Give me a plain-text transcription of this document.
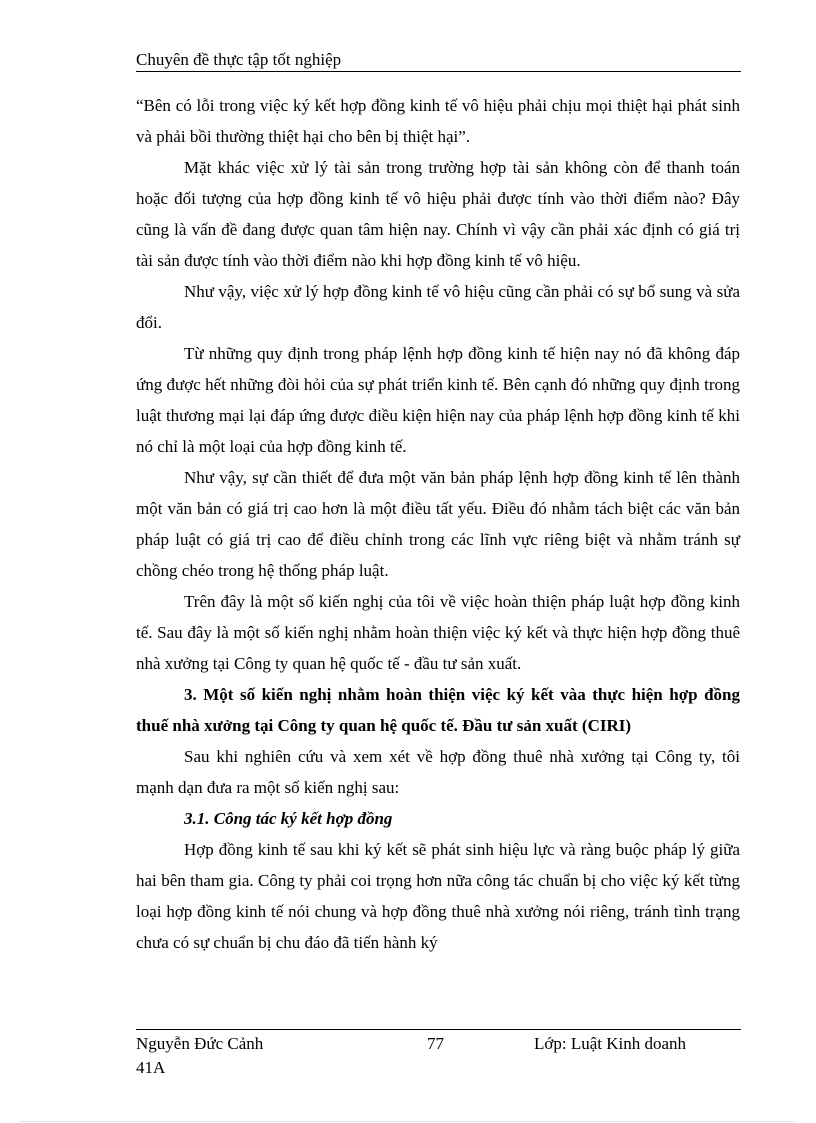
Chuyên đề thực tập tốt nghiệp

“Bên có lỗi trong việc ký kết hợp đồng kinh tế vô hiệu phải chịu mọi thiệt hại phát sinh và phải bồi thường thiệt hại cho bên bị thiệt hại”.

Mặt khác việc xử lý tài sản trong trường hợp tài sản không còn để thanh toán hoặc đối tượng của hợp đồng kinh tế vô hiệu phải được tính vào thời điểm nào? Đây cũng là vấn đề đang được quan tâm hiện nay. Chính vì vậy cần phải xác định có giá trị tài sản được tính vào thời điểm nào khi hợp đồng kinh tế vô hiệu.

Như vậy, việc xử lý hợp đồng kinh tế vô hiệu cũng cần phải có sự bổ sung và sửa đổi.

Từ những quy định trong pháp lệnh hợp đồng kinh tế hiện nay nó đã không đáp ứng được hết những đòi hỏi của sự phát triển kinh tế. Bên cạnh đó những quy định trong luật thương mại lại đáp ứng được điều kiện hiện nay của pháp lệnh hợp đồng kinh tế khi nó chỉ là một loại của hợp đồng kinh tế.

Như vậy, sự cần thiết để đưa một văn bản pháp lệnh hợp đồng kinh tế lên thành một văn bản có giá trị cao hơn là một điều tất yếu. Điều đó nhằm tách biệt các văn bản pháp luật có giá trị cao để điều chỉnh trong các lĩnh vực riêng biệt và nhằm tránh sự chồng chéo trong hệ thống pháp luật.

Trên đây là một số kiến nghị của tôi về việc hoàn thiện pháp luật hợp đồng kinh tế. Sau đây là một số kiến nghị nhằm hoàn thiện việc ký kết và thực hiện hợp đồng thuê nhà xưởng tại Công ty quan hệ quốc tế - đầu tư sản xuất.

3. Một số kiến nghị nhằm hoàn thiện việc ký kết vàa thực hiện hợp đồng thuế nhà xưởng tại Công ty quan hệ quốc tế. Đầu tư sản xuất (CIRI)

Sau khi nghiên cứu và xem xét về hợp đồng thuê nhà xưởng tại Công ty, tôi mạnh dạn đưa ra một số kiến nghị sau:

3.1. Công tác ký kết hợp đồng

Hợp đồng kinh tế sau khi ký kết sẽ phát sinh hiệu lực và ràng buộc pháp lý giữa hai bên tham gia. Công ty phải coi trọng hơn nữa công tác chuẩn bị cho việc ký kết từng loại hợp đồng kinh tế nói chung và hợp đồng thuê nhà xưởng nói riêng, tránh tình trạng chưa có sự chuẩn bị chu đáo đã tiến hành ký

Nguyễn Đức Cảnh	77	Lớp: Luật Kinh doanh
41A
